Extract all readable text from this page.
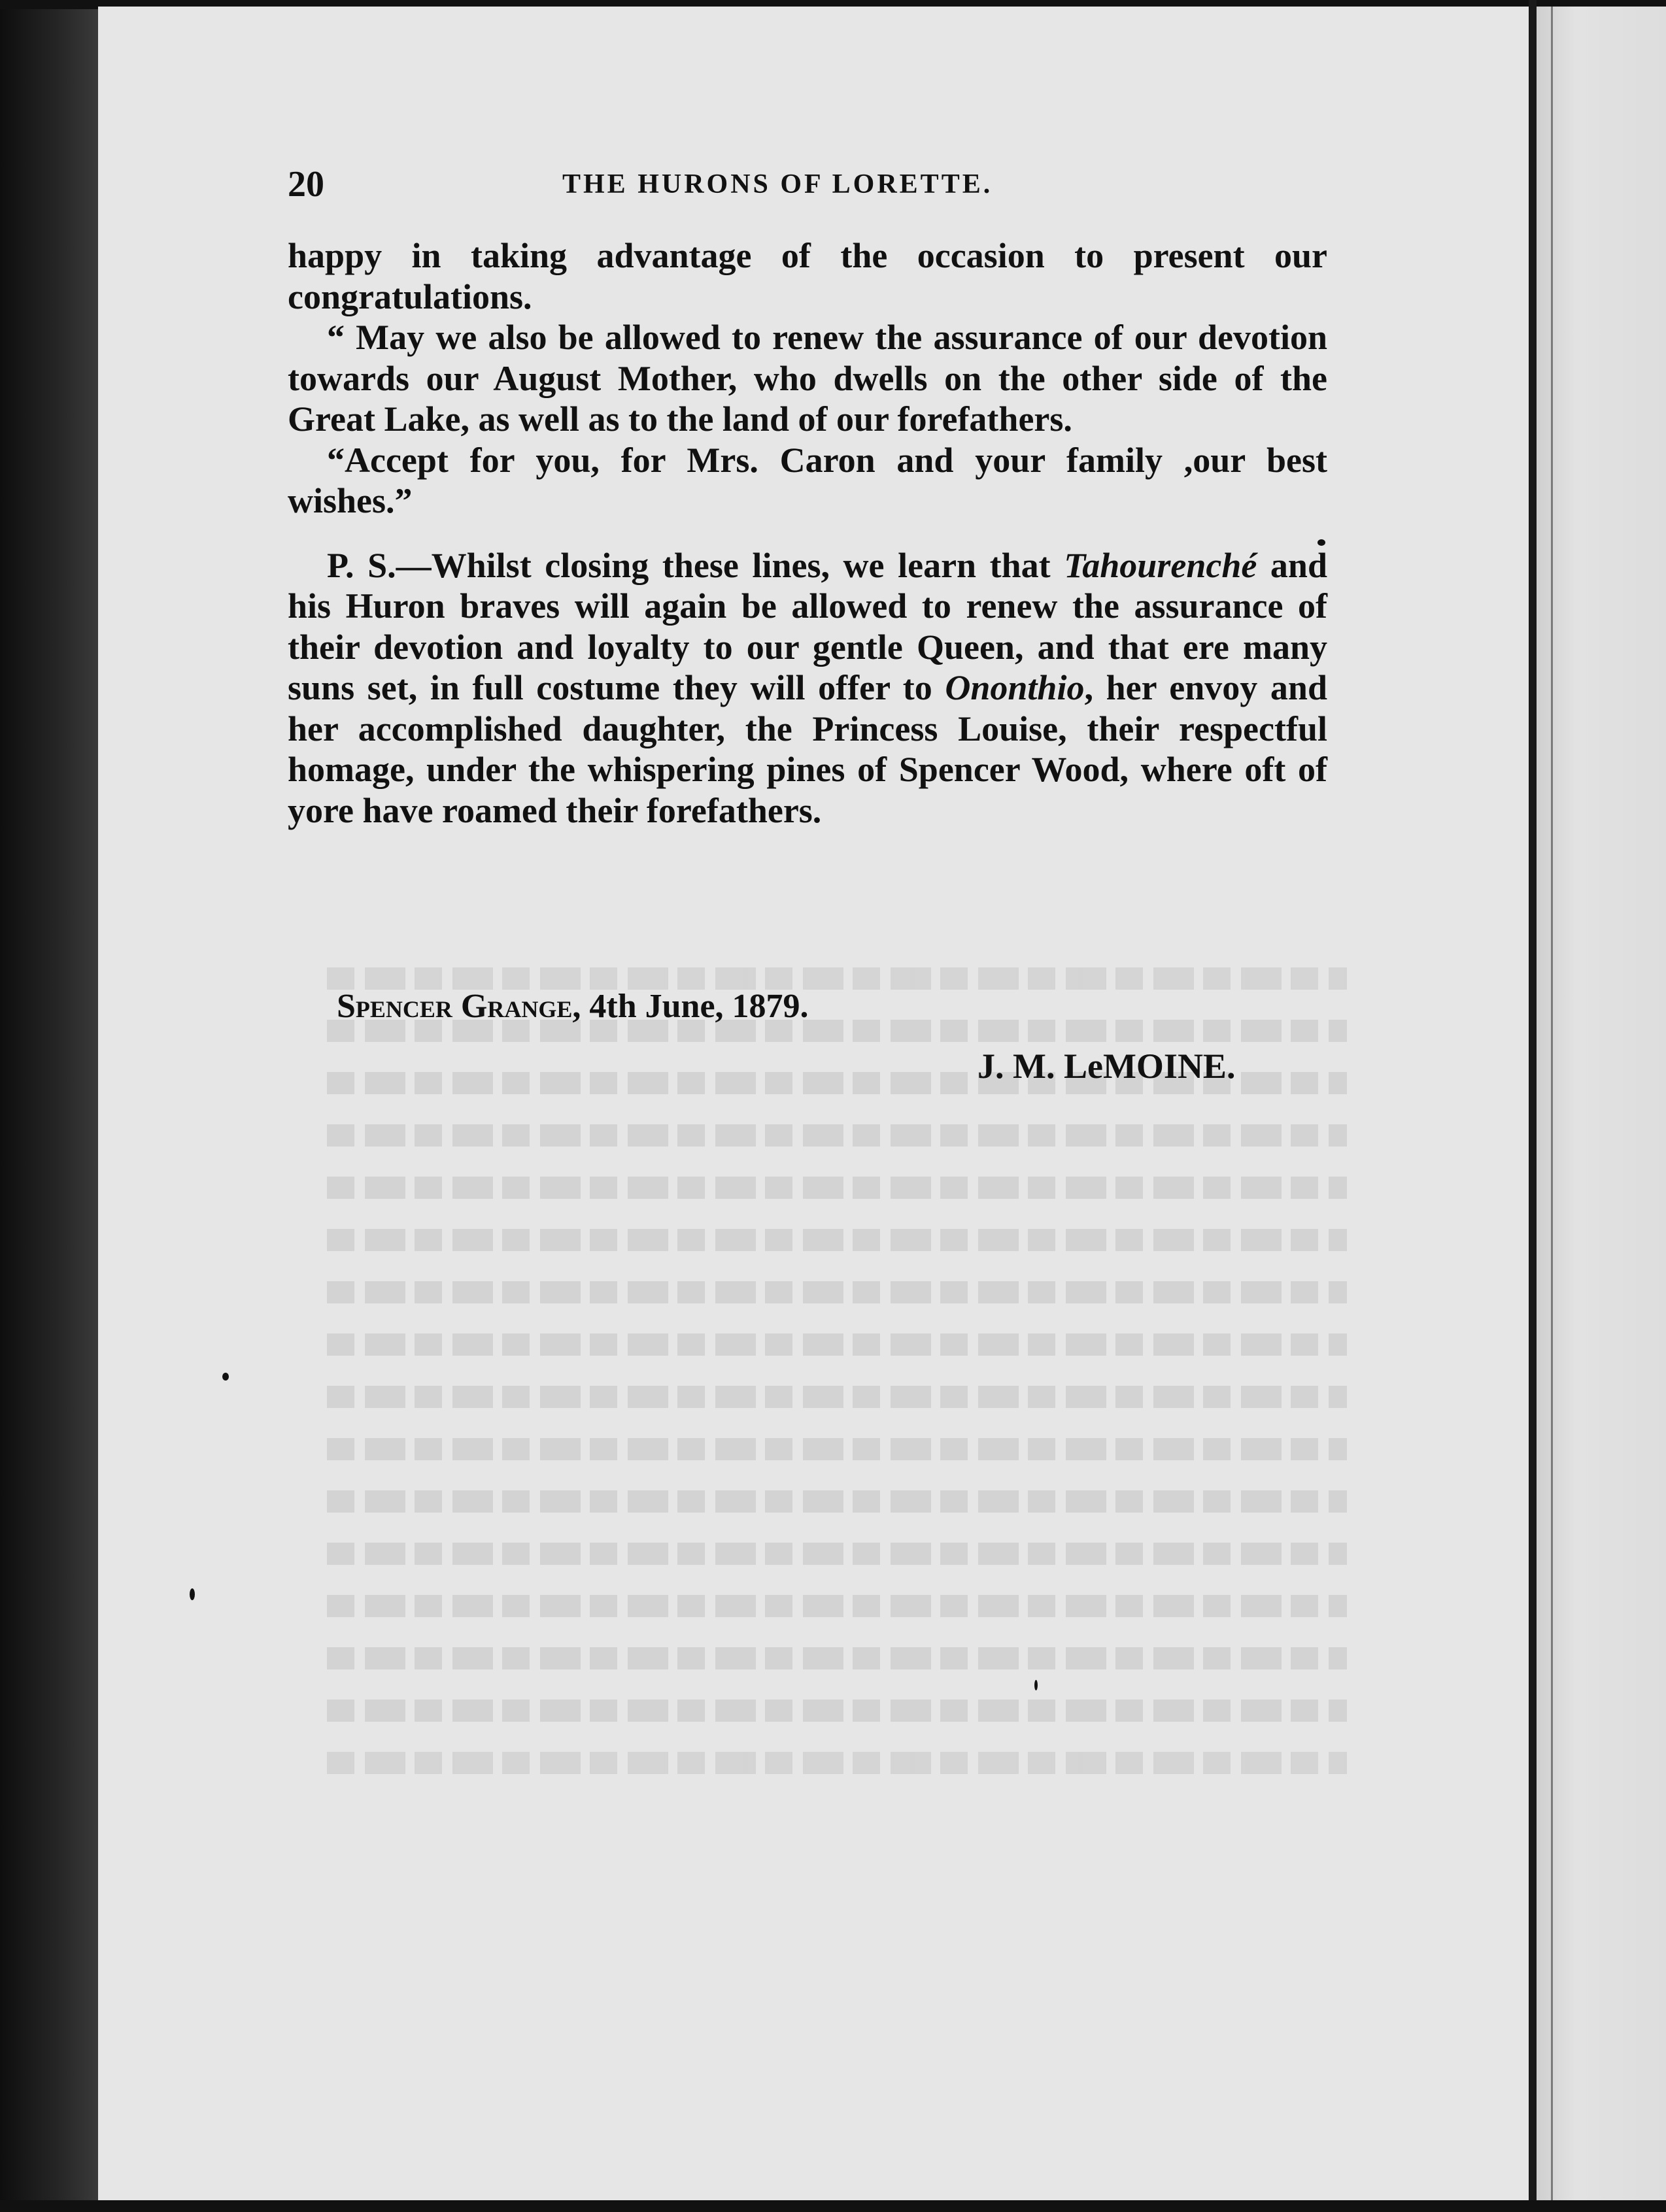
20	THE HURONS OF LORETTE.

happy in taking advantage of the occasion to present our congratulations.

“ May we also be allowed to renew the assurance of our devotion towards our August Mother, who dwells on the other side of the Great Lake, as well as to the land of our forefathers.

“Accept for you, for Mrs. Caron and your family ,our best wishes.”

P. S.—Whilst closing these lines, we learn that Tahourenché and his Huron braves will again be allowed to renew the assurance of their devotion and loyalty to our gentle Queen, and that ere many suns set, in full costume they will offer to Ononthio, her envoy and her accomplished daughter, the Princess Louise, their respectful homage, under the whispering pines of Spencer Wood, where oft of yore have roamed their forefathers.

Spencer Grange, 4th June, 1879.
J. M. LeMOINE.
